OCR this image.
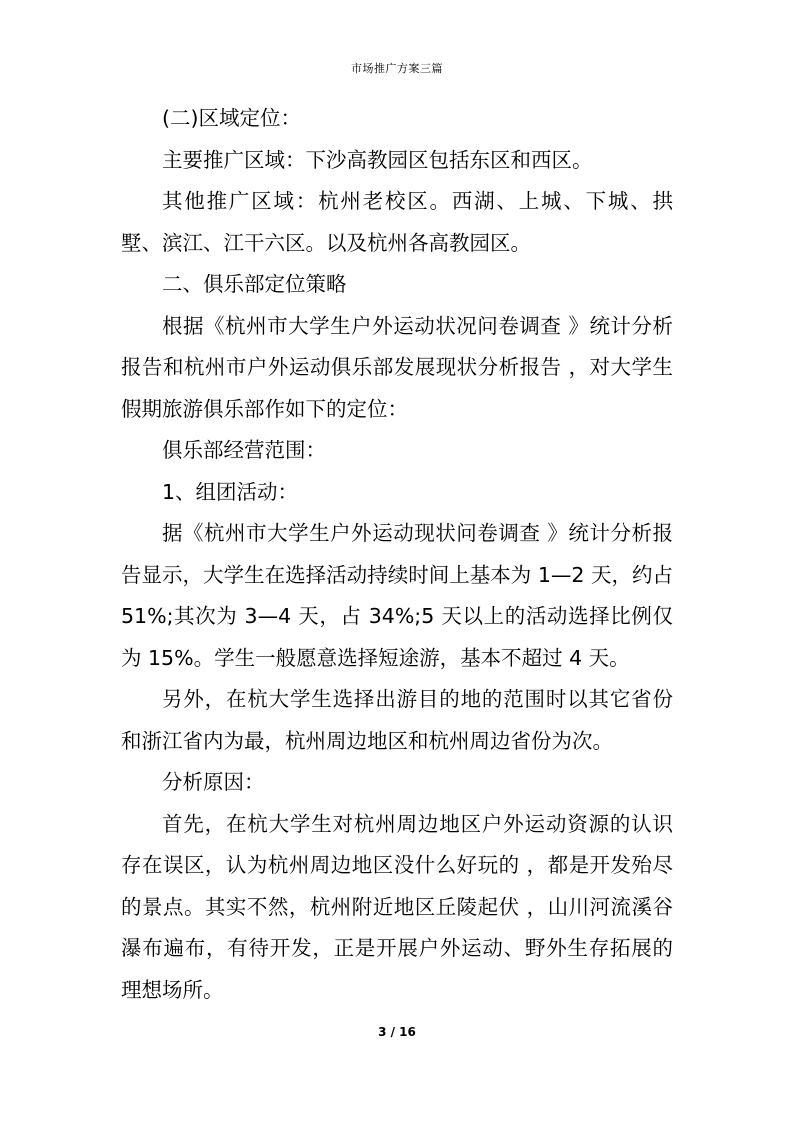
市场推广方案三篇

(二)区域定位：

主要推广区域：下沙高教园区包括东区和西区。

其他推广区域：杭州老校区。西湖、上城、下城、拱墅、滨江、江干六区。以及杭州各高教园区。

二、俱乐部定位策略

根据《杭州市大学生户外运动状况问卷调查 》统计分析报告和杭州市户外运动俱乐部发展现状分析报告 ，对大学生假期旅游俱乐部作如下的定位：

俱乐部经营范围：

1、组团活动：

据《杭州市大学生户外运动现状问卷调查 》统计分析报告显示，大学生在选择活动持续时间上基本为 1—2 天，约占 51%;其次为 3—4 天，占 34%;5 天以上的活动选择比例仅为 15%。学生一般愿意选择短途游，基本不超过 4 天。

另外，在杭大学生选择出游目的地的范围时以其它省份和浙江省内为最，杭州周边地区和杭州周边省份为次。

分析原因：

首先，在杭大学生对杭州周边地区户外运动资源的认识存在误区，认为杭州周边地区没什么好玩的 ，都是开发殆尽的景点。其实不然，杭州附近地区丘陵起伏 ，山川河流溪谷瀑布遍布，有待开发，正是开展户外运动、野外生存拓展的理想场所。

3 / 16
